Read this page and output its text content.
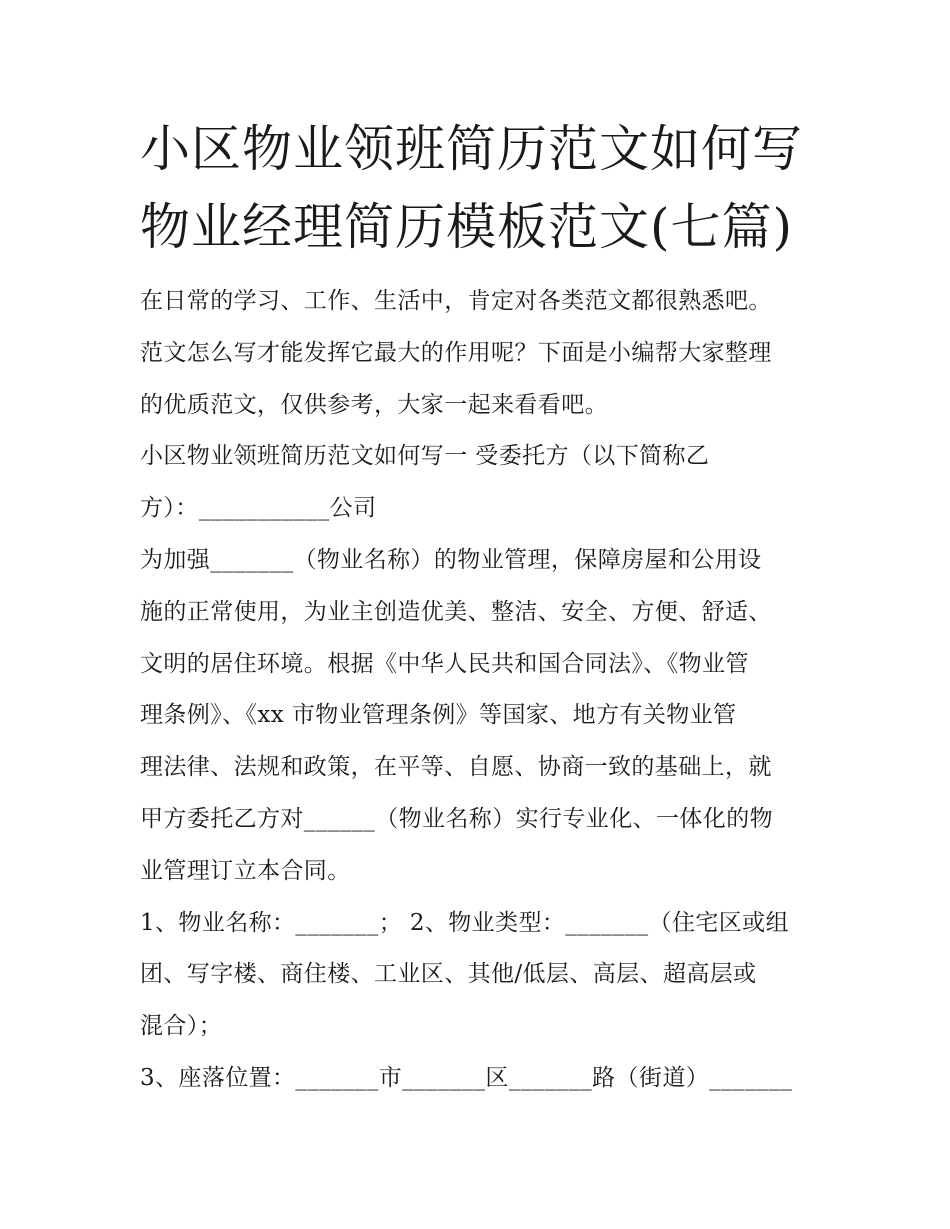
小区物业领班简历范文如何写
物业经理简历模板范文(七篇)
在日常的学习、工作、生活中，肯定对各类范文都很熟悉吧。
范文怎么写才能发挥它最大的作用呢？下面是小编帮大家整理
的优质范文，仅供参考，大家一起来看看吧。
小区物业领班简历范文如何写一 受委托方（以下简称乙
方）：___________公司
为加强_______（物业名称）的物业管理，保障房屋和公用设
施的正常使用，为业主创造优美、整洁、安全、方便、舒适、
文明的居住环境。根据《中华人民共和国合同法》、《物业管
理条例》、《xx 市物业管理条例》等国家、地方有关物业管
理法律、法规和政策，在平等、自愿、协商一致的基础上，就
甲方委托乙方对______（物业名称）实行专业化、一体化的物
业管理订立本合同。
1、物业名称：_______； 2、物业类型：_______（住宅区或组
团、写字楼、商住楼、工业区、其他/低层、高层、超高层或
混合）；
3、座落位置：_______市_______区_______路（街道）_______
